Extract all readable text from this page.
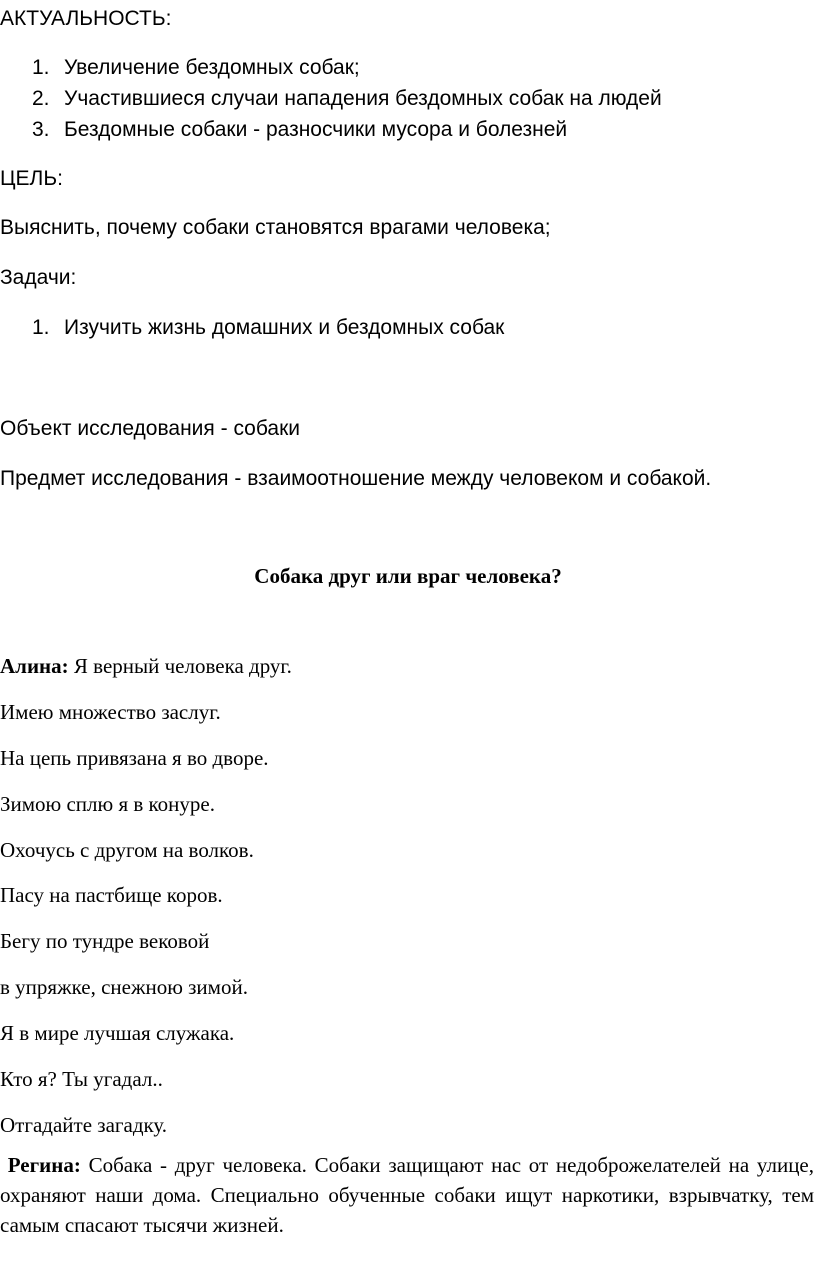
АКТУАЛЬНОСТЬ:
1. Увеличение бездомных собак;
2. Участившиеся случаи нападения бездомных собак на людей
3. Бездомные собаки - разносчики мусора и болезней
ЦЕЛЬ:
Выяснить, почему собаки становятся врагами человека;
Задачи:
1. Изучить жизнь домашних и бездомных собак
Объект исследования - собаки
Предмет исследования - взаимоотношение между человеком и собакой.
Собака друг или враг человека?
Алина: Я верный человека друг.
Имею множество заслуг.
На цепь привязана я во дворе.
Зимою сплю я в конуре.
Охочусь с другом на волков.
Пасу на пастбище коров.
Бегу по тундре вековой
в упряжке, снежною зимой.
Я в мире лучшая служака.
Кто я? Ты угадал..
Отгадайте загадку.
Регина: Собака - друг человека. Собаки защищают нас от недоброжелателей на улице, охраняют наши дома. Специально обученные собаки ищут наркотики, взрывчатку, тем самым спасают тысячи жизней.
